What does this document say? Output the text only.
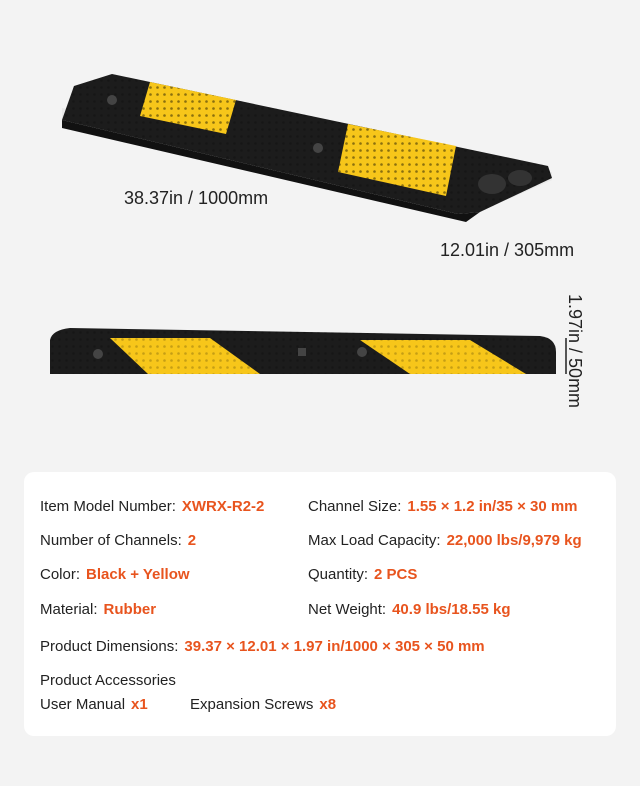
38.37in / 1000mm
12.01in / 305mm
1.97in / 50mm
Item Model Number: XWRX-R2-2	Channel Size: 1.55 × 1.2 in/35 × 30 mm
Number of Channels: 2	Max Load Capacity: 22,000 lbs/9,979 kg
Color: Black + Yellow	Quantity: 2 PCS
Material: Rubber	Net Weight: 40.9 lbs/18.55 kg
Product Dimensions: 39.37 × 12.01 × 1.97 in/1000 × 305 × 50 mm
Product Accessories
User Manual x1	Expansion Screws x8
